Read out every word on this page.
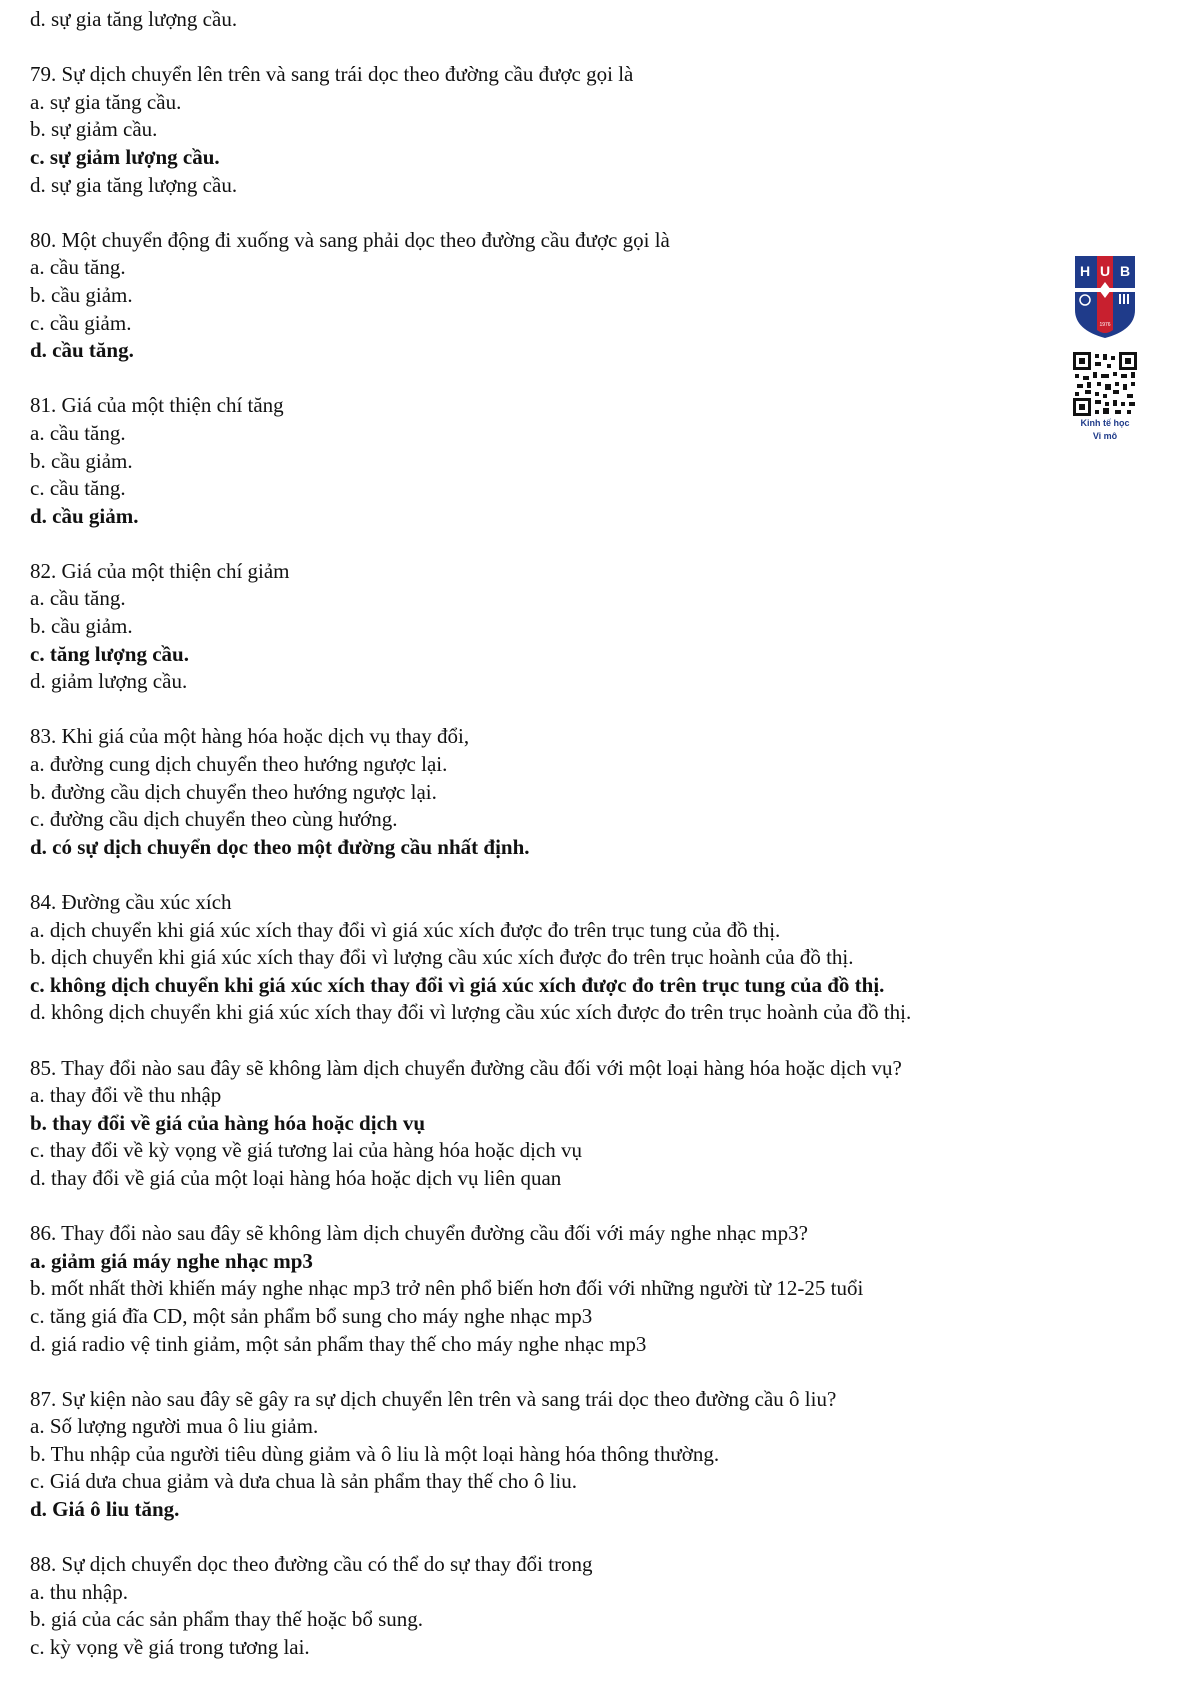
d. sự gia tăng lượng cầu.
79. Sự dịch chuyển lên trên và sang trái dọc theo đường cầu được gọi là
a. sự gia tăng cầu.
b. sự giảm cầu.
c. sự giảm lượng cầu.
d. sự gia tăng lượng cầu.
80. Một chuyển động đi xuống và sang phải dọc theo đường cầu được gọi là
a. cầu tăng.
b. cầu giảm.
c. cầu giảm.
d. cầu tăng.
81. Giá của một thiện chí tăng
a. cầu tăng.
b. cầu giảm.
c. cầu tăng.
d. cầu giảm.
82. Giá của một thiện chí giảm
a. cầu tăng.
b. cầu giảm.
c. tăng lượng cầu.
d. giảm lượng cầu.
83. Khi giá của một hàng hóa hoặc dịch vụ thay đổi,
a. đường cung dịch chuyển theo hướng ngược lại.
b. đường cầu dịch chuyển theo hướng ngược lại.
c. đường cầu dịch chuyển theo cùng hướng.
d. có sự dịch chuyển dọc theo một đường cầu nhất định.
84. Đường cầu xúc xích
a. dịch chuyển khi giá xúc xích thay đổi vì giá xúc xích được đo trên trục tung của đồ thị.
b. dịch chuyển khi giá xúc xích thay đổi vì lượng cầu xúc xích được đo trên trục hoành của đồ thị.
c. không dịch chuyển khi giá xúc xích thay đổi vì giá xúc xích được đo trên trục tung của đồ thị.
d. không dịch chuyển khi giá xúc xích thay đổi vì lượng cầu xúc xích được đo trên trục hoành của đồ thị.
85. Thay đổi nào sau đây sẽ không làm dịch chuyển đường cầu đối với một loại hàng hóa hoặc dịch vụ?
a. thay đổi về thu nhập
b. thay đổi về giá của hàng hóa hoặc dịch vụ
c. thay đổi về kỳ vọng về giá tương lai của hàng hóa hoặc dịch vụ
d. thay đổi về giá của một loại hàng hóa hoặc dịch vụ liên quan
86. Thay đổi nào sau đây sẽ không làm dịch chuyển đường cầu đối với máy nghe nhạc mp3?
a. giảm giá máy nghe nhạc mp3
b. mốt nhất thời khiến máy nghe nhạc mp3 trở nên phổ biến hơn đối với những người từ 12-25 tuổi
c. tăng giá đĩa CD, một sản phẩm bổ sung cho máy nghe nhạc mp3
d. giá radio vệ tinh giảm, một sản phẩm thay thế cho máy nghe nhạc mp3
87. Sự kiện nào sau đây sẽ gây ra sự dịch chuyển lên trên và sang trái dọc theo đường cầu ô liu?
a. Số lượng người mua ô liu giảm.
b. Thu nhập của người tiêu dùng giảm và ô liu là một loại hàng hóa thông thường.
c. Giá dưa chua giảm và dưa chua là sản phẩm thay thế cho ô liu.
d. Giá ô liu tăng.
88. Sự dịch chuyển dọc theo đường cầu có thể do sự thay đổi trong
a. thu nhập.
b. giá của các sản phẩm thay thế hoặc bổ sung.
c. kỳ vọng về giá trong tương lai.
H U B
1976
Kinh tế học
Vi mô
